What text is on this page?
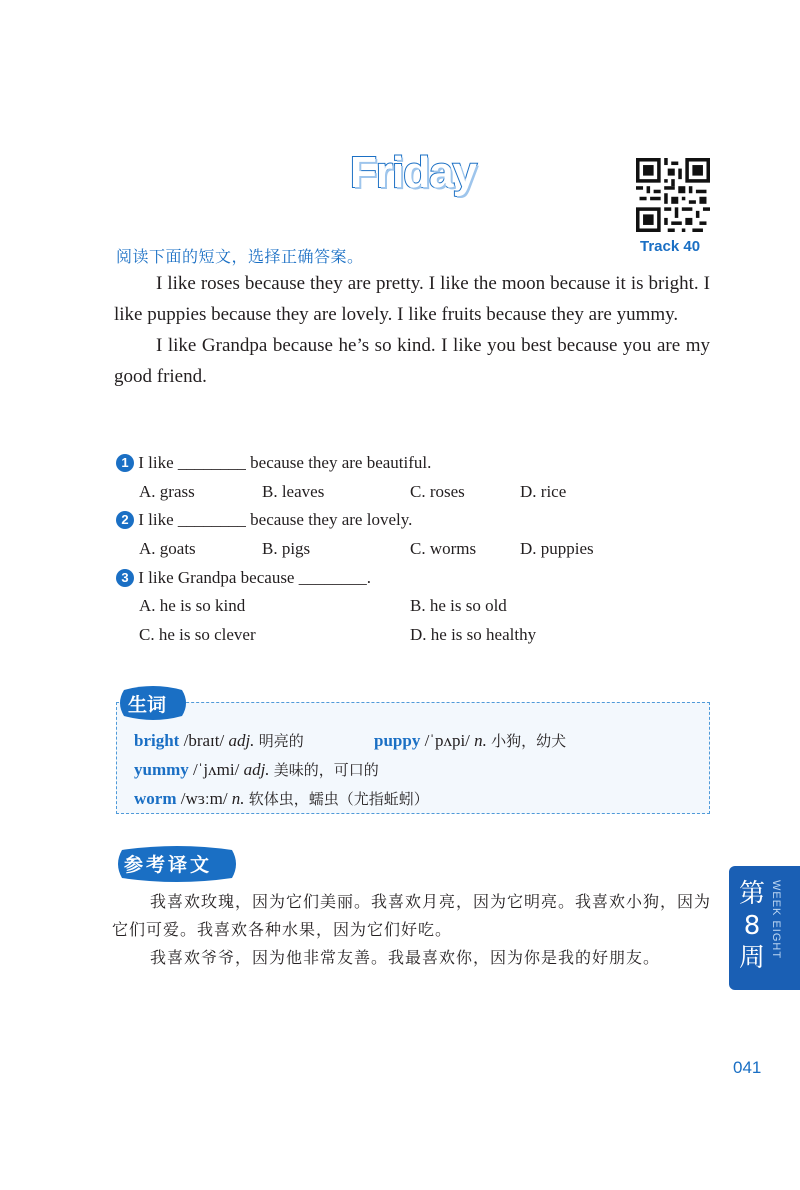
Friday
Track 40
阅读下面的短文，选择正确答案。

I like roses because they are pretty. I like the moon because it is bright. I like puppies because they are lovely. I like fruits because they are yummy.

I like Grandpa because he’s so kind. I like you best because you are my good friend.

1 I like ________ because they are beautiful.
A. grass	B. leaves	C. roses	D. rice
2 I like ________ because they are lovely.
A. goats	B. pigs	C. worms	D. puppies
3 I like Grandpa because ________.
A. he is so kind	B. he is so old
C. he is so clever	D. he is so healthy
生词
bright /braɪt/ adj. 明亮的	puppy /ˈpʌpi/ n. 小狗，幼犬
yummy /ˈjʌmi/ adj. 美味的，可口的
worm /wɜːm/ n. 软体虫，蠕虫（尤指蚯蚓）
参考译文

我喜欢玫瑰，因为它们美丽。我喜欢月亮，因为它明亮。我喜欢小狗，因为它们可爱。我喜欢各种水果，因为它们好吃。

我喜欢爷爷，因为他非常友善。我最喜欢你，因为你是我的好朋友。

第8周 WEEK EIGHT
041
